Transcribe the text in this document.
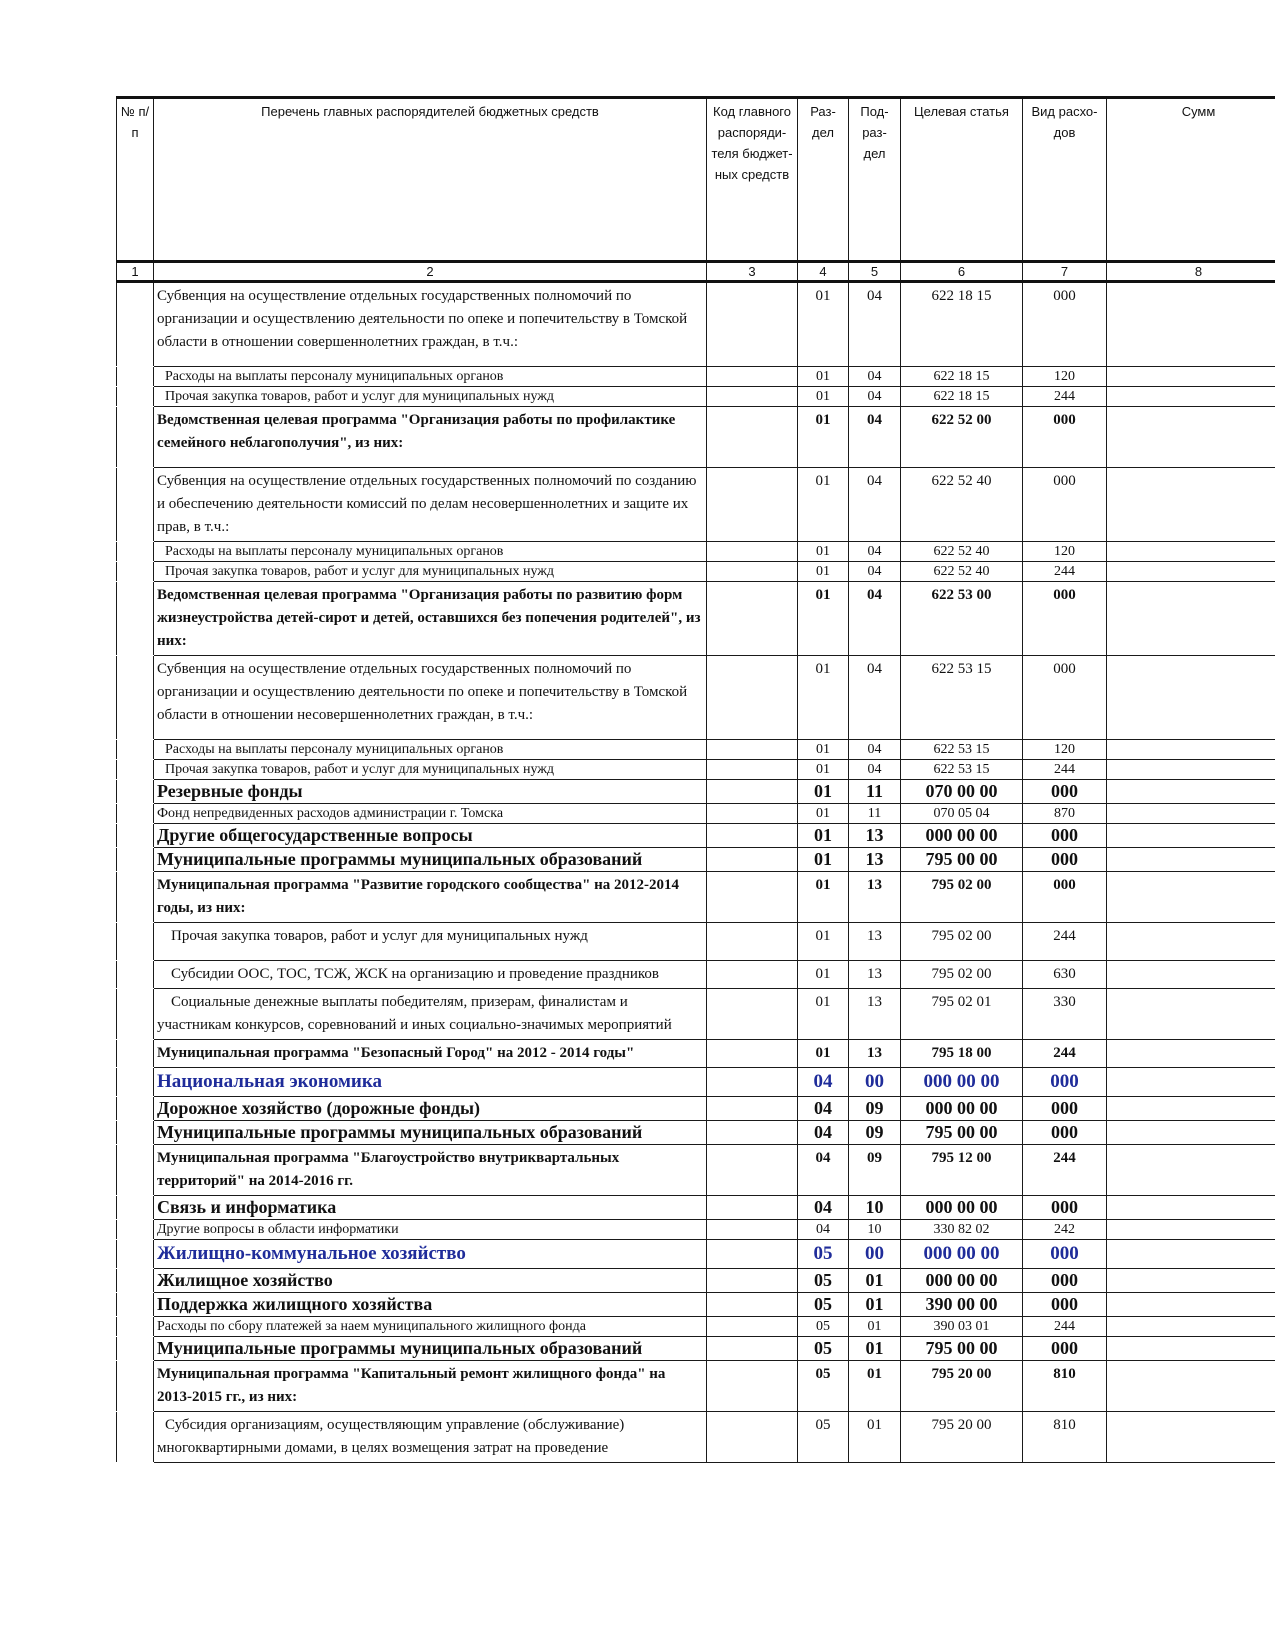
№ п/п	Перечень главных распорядителей бюджетных средств	Код главного распоряди-теля бюджет-ных средств	Раз-дел	Под-раз-дел	Целевая статья	Вид расхо-дов	Сумм
1	2	3	4	5	6	7	8
	Субвенция на осуществление отдельных государственных полномочий по организации и осуществлению деятельности по опеке и попечительству в Томской области в отношении совершеннолетних граждан, в т.ч.:		01	04	622 18 15	000	
	Расходы на выплаты персоналу муниципальных органов		01	04	622 18 15	120	
	Прочая закупка товаров, работ и услуг для муниципальных нужд		01	04	622 18 15	244	
	Ведомственная целевая программа "Организация работы по профилактике семейного неблагополучия", из них:		01	04	622 52 00	000	
	Субвенция на осуществление отдельных государственных полномочий по созданию и обеспечению деятельности комиссий по делам несовершеннолетних и защите их прав, в т.ч.:		01	04	622 52 40	000	
	Расходы на выплаты персоналу муниципальных органов		01	04	622 52 40	120	
	Прочая закупка товаров, работ и услуг для муниципальных нужд		01	04	622 52 40	244	
	Ведомственная целевая программа "Организация работы по развитию форм жизнеустройства детей-сирот и детей, оставшихся без попечения родителей", из них:		01	04	622 53 00	000	
	Субвенция на осуществление отдельных государственных полномочий по организации и осуществлению деятельности по опеке и попечительству в Томской области в отношении несовершеннолетних граждан, в т.ч.:		01	04	622 53 15	000	
	Расходы на выплаты персоналу муниципальных органов		01	04	622 53 15	120	
	Прочая закупка товаров, работ и услуг для муниципальных нужд		01	04	622 53 15	244	
	Резервные фонды		01	11	070 00 00	000	
	Фонд непредвиденных расходов администрации г. Томска		01	11	070 05 04	870	
	Другие общегосударственные вопросы		01	13	000 00 00	000	
	Муниципальные программы муниципальных образований		01	13	795 00 00	000	
	Муниципальная программа "Развитие городского сообщества" на 2012-2014 годы, из них:		01	13	795 02 00	000	
	Прочая закупка товаров, работ и услуг для муниципальных нужд		01	13	795 02 00	244	
	Субсидии ООС, ТОС, ТСЖ, ЖСК на организацию и проведение праздников		01	13	795 02 00	630	
	Социальные денежные выплаты победителям, призерам, финалистам и участникам конкурсов, соревнований и иных социально-значимых мероприятий		01	13	795 02 01	330	
	Муниципальная программа "Безопасный Город" на 2012 - 2014 годы"		01	13	795 18 00	244	
	Национальная экономика		04	00	000 00 00	000	
	Дорожное хозяйство (дорожные фонды)		04	09	000 00 00	000	
	Муниципальные программы муниципальных образований		04	09	795 00 00	000	
	Муниципальная программа "Благоустройство внутриквартальных территорий" на 2014-2016 гг.		04	09	795 12 00	244	
	Связь и информатика		04	10	000 00 00	000	
	Другие вопросы в области информатики		04	10	330 82 02	242	
	Жилищно-коммунальное хозяйство		05	00	000 00 00	000	
	Жилищное хозяйство		05	01	000 00 00	000	
	Поддержка жилищного хозяйства		05	01	390 00 00	000	
	Расходы по сбору платежей за наем муниципального жилищного фонда		05	01	390 03 01	244	
	Муниципальные программы муниципальных образований		05	01	795 00 00	000	
	Муниципальная программа "Капитальный ремонт жилищного фонда" на 2013-2015 гг., из них:		05	01	795 20 00	810	
	Субсидия организациям, осуществляющим управление (обслуживание) многоквартирными домами, в целях возмещения затрат на проведение		05	01	795 20 00	810	
